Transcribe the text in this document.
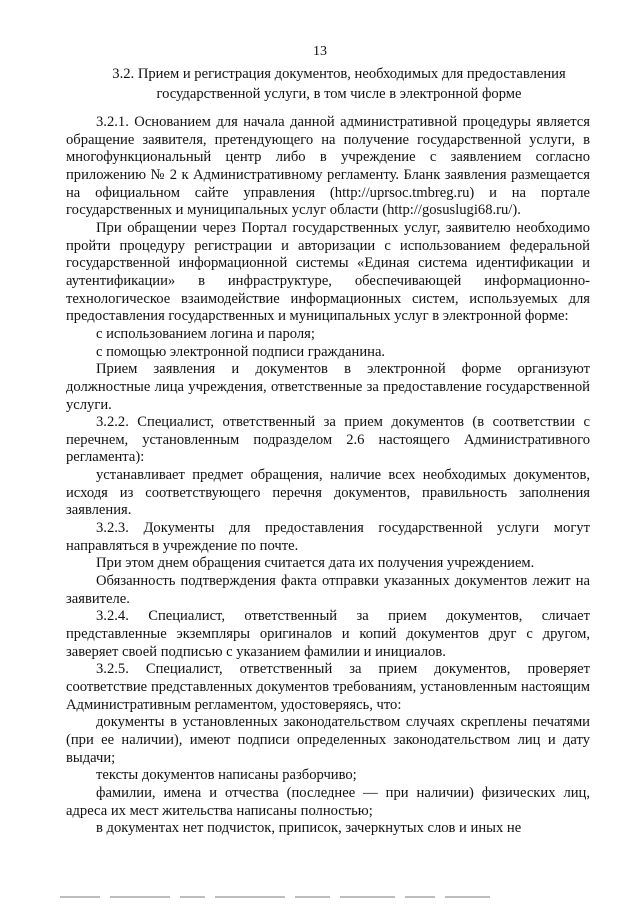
13
3.2. Прием и регистрация документов, необходимых для предоставления государственной услуги, в том числе в электронной форме

3.2.1. Основанием для начала данной административной процедуры является обращение заявителя, претендующего на получение государственной услуги, в многофункциональный центр либо в учреждение с заявлением согласно приложению № 2 к Административному регламенту. Бланк заявления размещается на официальном сайте управления (http://uprsoc.tmbreg.ru) и на портале государственных и муниципальных услуг области (http://gosuslugi68.ru/).

При обращении через Портал государственных услуг, заявителю необходимо пройти процедуру регистрации и авторизации с использованием федеральной государственной информационной системы «Единая система идентификации и аутентификации» в инфраструктуре, обеспечивающей информационно-технологическое взаимодействие информационных систем, используемых для предоставления государственных и муниципальных услуг в электронной форме:

с использованием логина и пароля;

с помощью электронной подписи гражданина.

Прием заявления и документов в электронной форме организуют должностные лица учреждения, ответственные за предоставление государственной услуги.

3.2.2. Специалист, ответственный за прием документов (в соответствии с перечнем, установленным подразделом 2.6 настоящего Административного регламента):

устанавливает предмет обращения, наличие всех необходимых документов, исходя из соответствующего перечня документов, правильность заполнения заявления.

3.2.3. Документы для предоставления государственной услуги могут направляться в учреждение по почте.

При этом днем обращения считается дата их получения учреждением.

Обязанность подтверждения факта отправки указанных документов лежит на заявителе.

3.2.4. Специалист, ответственный за прием документов, сличает представленные экземпляры оригиналов и копий документов друг с другом, заверяет своей подписью с указанием фамилии и инициалов.

3.2.5. Специалист, ответственный за прием документов, проверяет соответствие представленных документов требованиям, установленным настоящим Административным регламентом, удостоверяясь, что:

документы в установленных законодательством случаях скреплены печатями (при ее наличии), имеют подписи определенных законодательством лиц и дату выдачи;

тексты документов написаны разборчиво;

фамилии, имена и отчества (последнее — при наличии) физических лиц, адреса их мест жительства написаны полностью;

в документах нет подчисток, приписок, зачеркнутых слов и иных не
